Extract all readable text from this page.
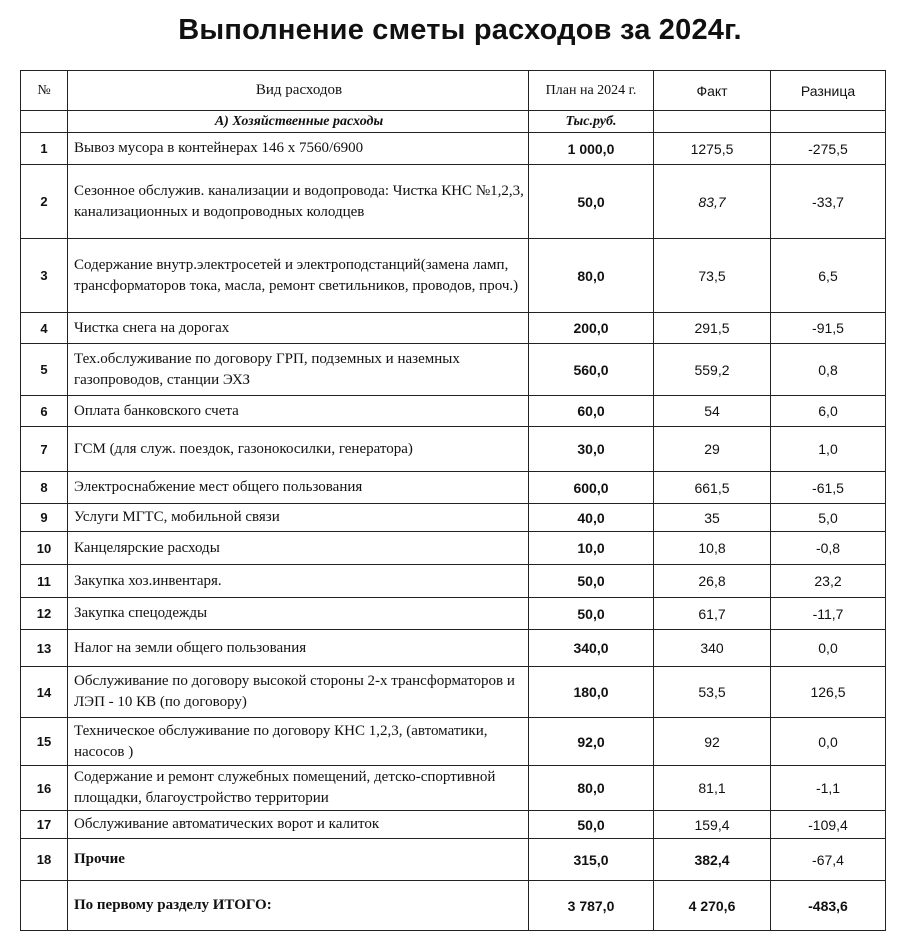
Выполнение сметы расходов за 2024г.
№	Вид расходов	План на 2024 г.	Факт	Разница
	А) Хозяйственные расходы	Тыс.руб.		
1	Вывоз мусора в контейнерах 146 х 7560/6900	1 000,0	1275,5	-275,5
2	Сезонное обслужив. канализации и водопровода: Чистка КНС №1,2,3, канализационных и водопроводных колодцев	50,0	83,7	-33,7
3	Содержание внутр.электросетей и электроподстанций(замена ламп, трансформаторов тока, масла, ремонт светильников, проводов, проч.)	80,0	73,5	6,5
4	Чистка снега на дорогах	200,0	291,5	-91,5
5	Тех.обслуживание по договору ГРП, подземных и наземных газопроводов, станции ЭХЗ	560,0	559,2	0,8
6	Оплата банковского счета	60,0	54	6,0
7	ГСМ (для служ. поездок, газонокосилки, генератора)	30,0	29	1,0
8	Электроснабжение мест общего пользования	600,0	661,5	-61,5
9	Услуги МГТС, мобильной связи	40,0	35	5,0
10	Канцелярские расходы	10,0	10,8	-0,8
11	Закупка хоз.инвентаря.	50,0	26,8	23,2
12	Закупка спецодежды	50,0	61,7	-11,7
13	Налог на земли общего пользования	340,0	340	0,0
14	Обслуживание по договору высокой стороны 2-х трансформаторов и ЛЭП - 10 КВ (по договору)	180,0	53,5	126,5
15	Техническое обслуживание по договору КНС 1,2,3, (автоматики, насосов )	92,0	92	0,0
16	Содержание и ремонт служебных помещений, детско-спортивной площадки, благоустройство территории	80,0	81,1	-1,1
17	Обслуживание автоматических ворот и калиток	50,0	159,4	-109,4
18	Прочие	315,0	382,4	-67,4
	По первому разделу ИТОГО:	3 787,0	4 270,6	-483,6
